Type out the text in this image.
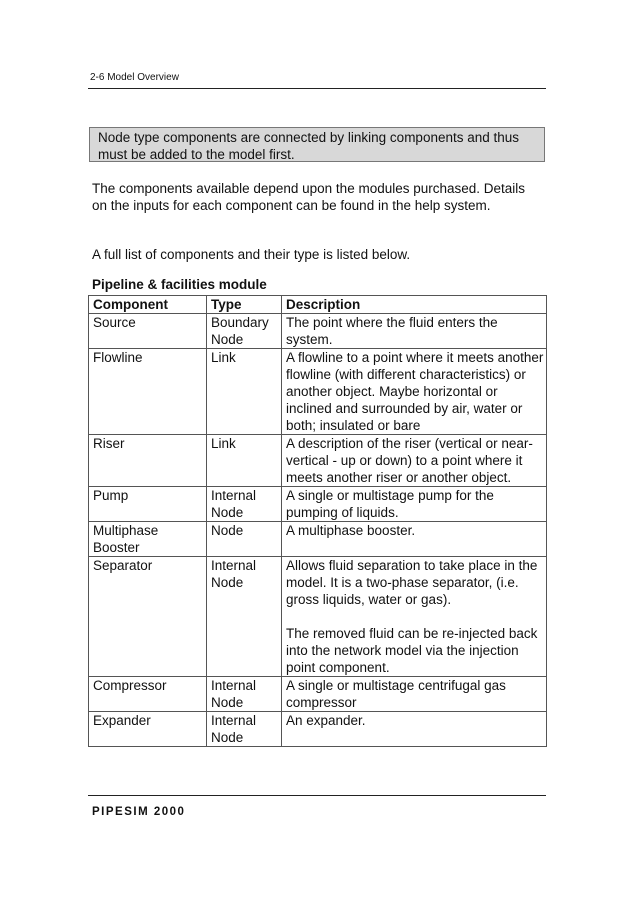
2-6 Model Overview
Node type components are connected by linking components and thus must be added to the model first.

The components available depend upon the modules purchased. Details on the inputs for each component can be found in the help system.

A full list of components and their type is listed below.

Pipeline & facilities module
Component	Type	Description
Source	Boundary Node	The point where the fluid enters the system.

Flowline	Link	A flowline to a point where it meets another flowline (with different characteristics) or another object. Maybe horizontal or inclined and surrounded by air, water or both; insulated or bare

Riser	Link	A description of the riser (vertical or near-vertical - up or down) to a point where it meets another riser or another object.

Pump	Internal Node	A single or multistage pump for the pumping of liquids.

Multiphase Booster	Node	A multiphase booster.

Separator	Internal Node	Allows fluid separation to take place in the model. It is a two-phase separator, (i.e. gross liquids, water or gas).
The removed fluid can be re-injected back into the network model via the injection point component.

Compressor	Internal Node	A single or multistage centrifugal gas compressor

Expander	Internal Node	An expander.
PIPESIM 2000
